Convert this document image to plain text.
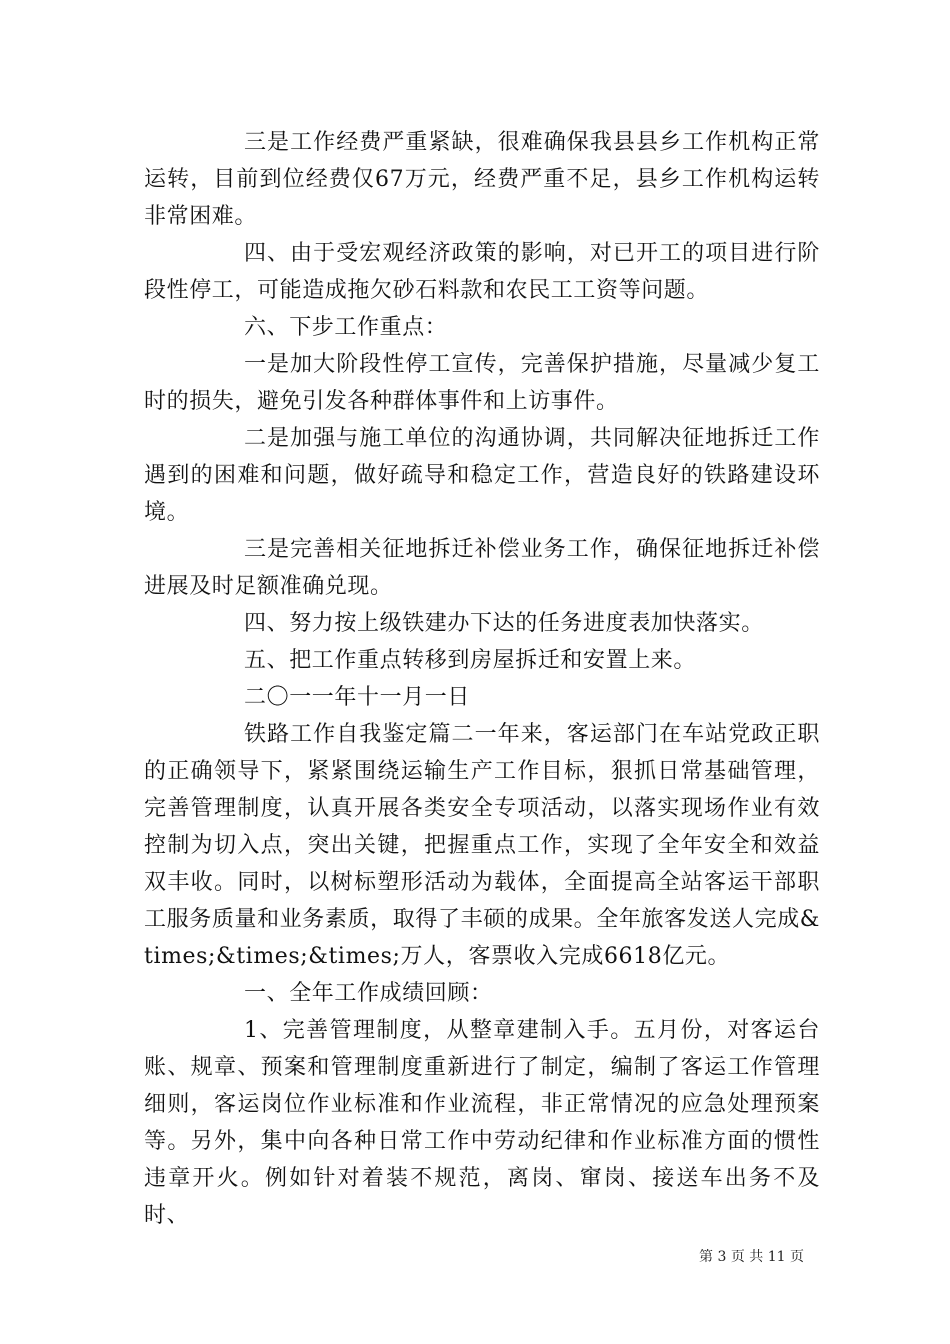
三是工作经费严重紧缺，很难确保我县县乡工作机构正常运转，目前到位经费仅67万元，经费严重不足，县乡工作机构运转非常困难。

四、由于受宏观经济政策的影响，对已开工的项目进行阶段性停工，可能造成拖欠砂石料款和农民工工资等问题。

六、下步工作重点：

一是加大阶段性停工宣传，完善保护措施，尽量减少复工时的损失，避免引发各种群体事件和上访事件。

二是加强与施工单位的沟通协调，共同解决征地拆迁工作遇到的困难和问题，做好疏导和稳定工作，营造良好的铁路建设环境。

三是完善相关征地拆迁补偿业务工作，确保征地拆迁补偿进展及时足额准确兑现。

四、努力按上级铁建办下达的任务进度表加快落实。

五、把工作重点转移到房屋拆迁和安置上来。

二〇一一年十一月一日

铁路工作自我鉴定篇二一年来，客运部门在车站党政正职的正确领导下，紧紧围绕运输生产工作目标，狠抓日常基础管理，完善管理制度，认真开展各类安全专项活动，以落实现场作业有效控制为切入点，突出关键，把握重点工作，实现了全年安全和效益双丰收。同时，以树标塑形活动为载体，全面提高全站客运干部职工服务质量和业务素质，取得了丰硕的成果。全年旅客发送人完成&times;&times;&times;万人，客票收入完成6618亿元。

一、全年工作成绩回顾：

1、完善管理制度，从整章建制入手。五月份，对客运台账、规章、预案和管理制度重新进行了制定，编制了客运工作管理细则，客运岗位作业标准和作业流程，非正常情况的应急处理预案等。另外，集中向各种日常工作中劳动纪律和作业标准方面的惯性违章开火。例如针对着装不规范，离岗、窜岗、接送车出务不及时、

第 3 页 共 11 页
